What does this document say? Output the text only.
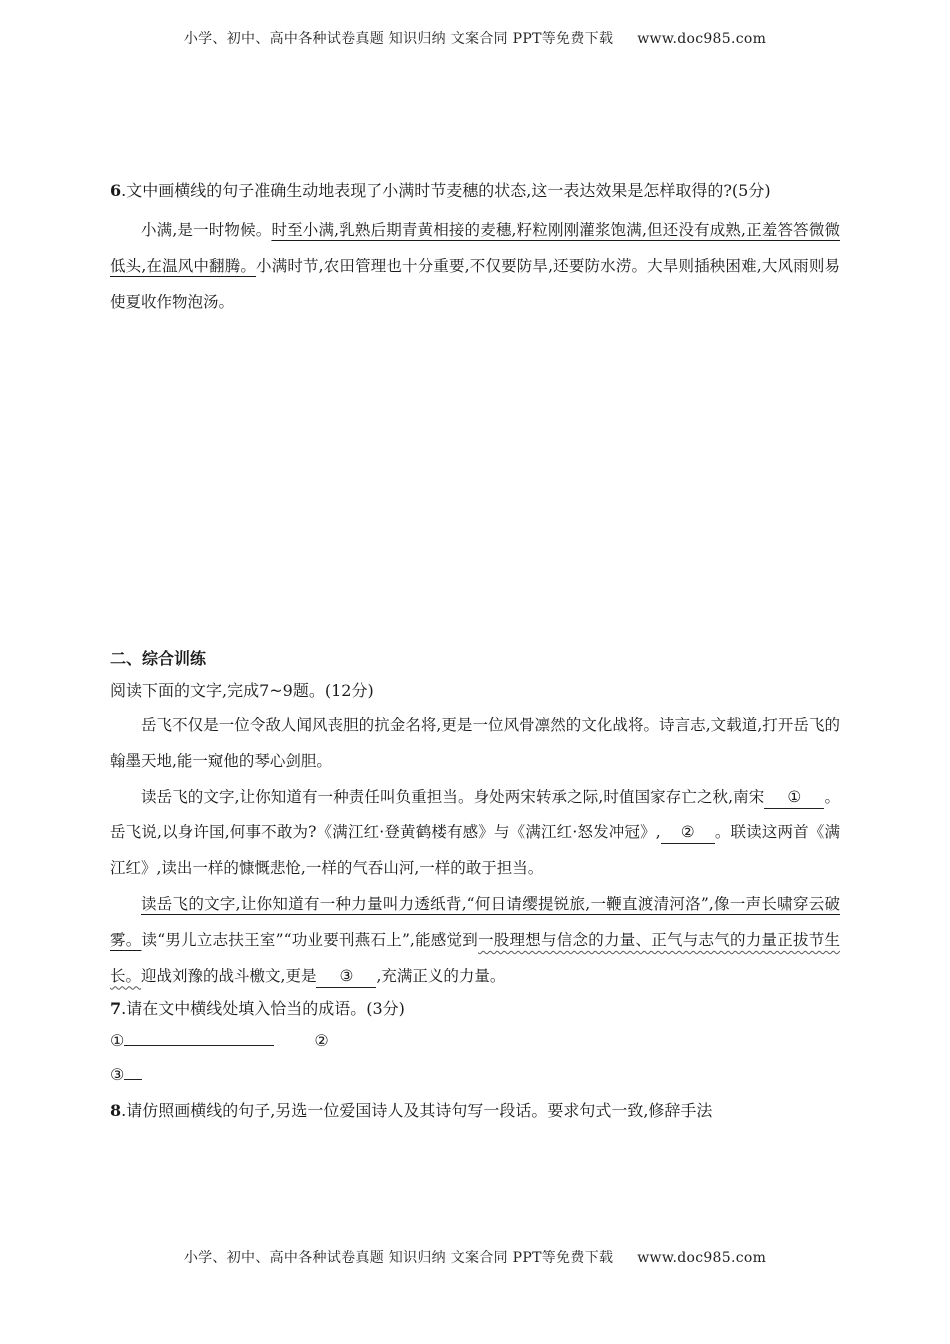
小学、初中、高中各种试卷真题 知识归纳 文案合同 PPT等免费下载 www.doc985.com
6.文中画横线的句子准确生动地表现了小满时节麦穗的状态,这一表达效果是怎样取得的?(5分)

小满,是一时物候。时至小满,乳熟后期青黄相接的麦穗,籽粒刚刚灌浆饱满,但还没有成熟,正羞答答微微低头,在温风中翻腾。小满时节,农田管理也十分重要,不仅要防旱,还要防水涝。大旱则插秧困难,大风雨则易使夏收作物泡汤。

二、综合训练

阅读下面的文字,完成7~9题。(12分)

岳飞不仅是一位令敌人闻风丧胆的抗金名将,更是一位风骨凛然的文化战将。诗言志,文载道,打开岳飞的翰墨天地,能一窥他的琴心剑胆。

读岳飞的文字,让你知道有一种责任叫负重担当。身处两宋转承之际,时值国家存亡之秋,南宋 ① 。岳飞说,以身许国,何事不敢为?《满江红·登黄鹤楼有感》与《满江红·怒发冲冠》, ② 。联读这两首《满江红》,读出一样的慷慨悲怆,一样的气吞山河,一样的敢于担当。

读岳飞的文字,让你知道有一种力量叫力透纸背,“何日请缨提锐旅,一鞭直渡清河洛”,像一声长啸穿云破雾。读“男儿立志扶王室”“功业要刊燕石上”,能感觉到一股理想与信念的力量、正气与志气的力量正拔节生长。迎战刘豫的战斗檄文,更是 ③ ,充满正义的力量。

7.请在文中横线处填入恰当的成语。(3分)

①	②

③

8.请仿照画横线的句子,另选一位爱国诗人及其诗句写一段话。要求句式一致,修辞手法

小学、初中、高中各种试卷真题 知识归纳 文案合同 PPT等免费下载 www.doc985.com
